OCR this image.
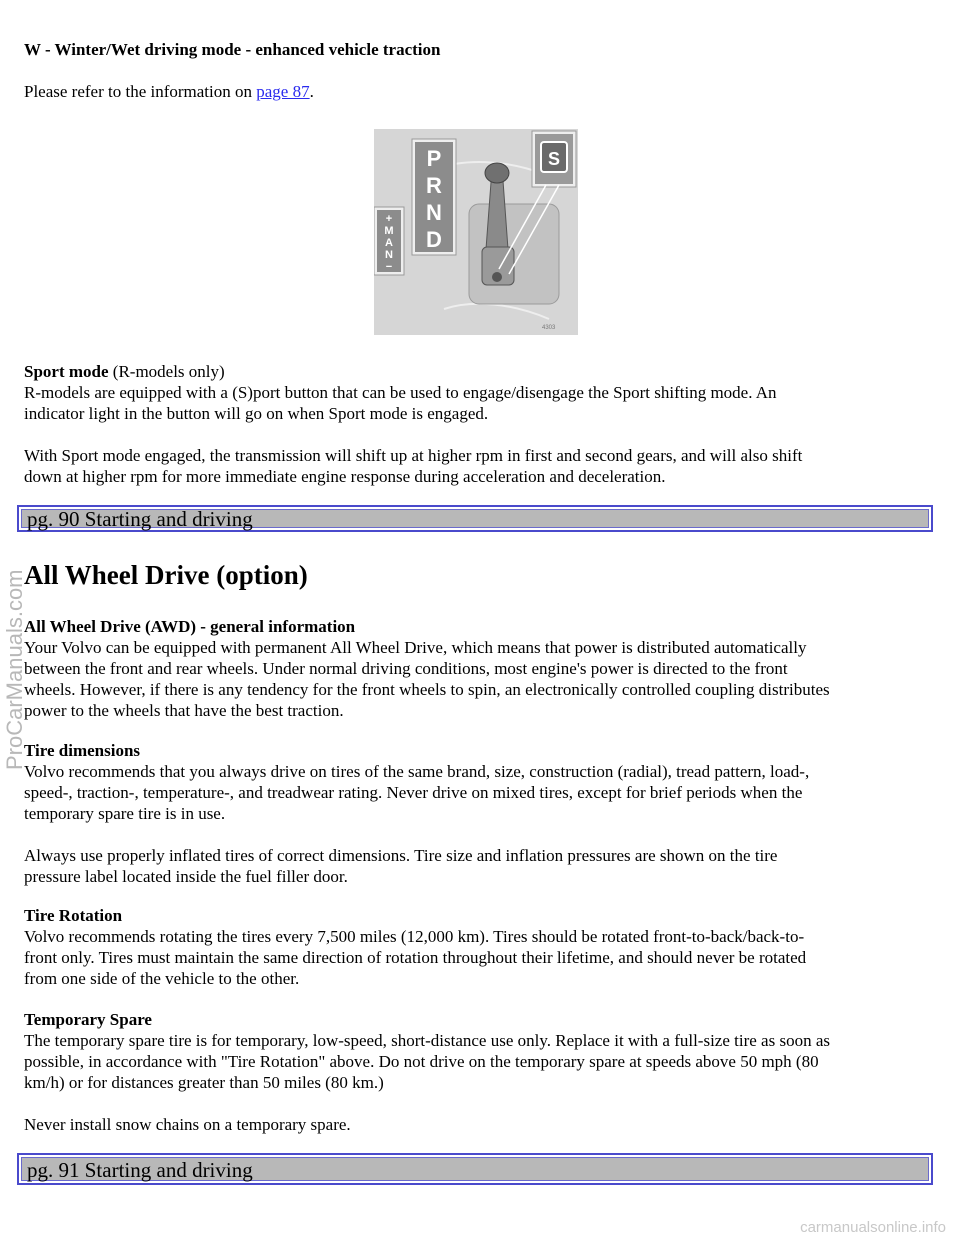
W - Winter/Wet driving mode - enhanced vehicle traction

Please refer to the information on page 87.

P
R
N
D
+
M
A
N
−
S
4303

Sport mode (R-models only)

R-models are equipped with a (S)port button that can be used to engage/disengage the Sport shifting mode. An

indicator light in the button will go on when Sport mode is engaged.

With Sport mode engaged, the transmission will shift up at higher rpm in first and second gears, and will also shift

down at higher rpm for more immediate engine response during acceleration and deceleration.

pg. 90 Starting and driving
All Wheel Drive (option)

All Wheel Drive (AWD) - general information

Your Volvo can be equipped with permanent All Wheel Drive, which means that power is distributed automatically

between the front and rear wheels. Under normal driving conditions, most engine's power is directed to the front

wheels. However, if there is any tendency for the front wheels to spin, an electronically controlled coupling distributes

power to the wheels that have the best traction.

Tire dimensions

Volvo recommends that you always drive on tires of the same brand, size, construction (radial), tread pattern, load-,

speed-, traction-, temperature-, and treadwear rating. Never drive on mixed tires, except for brief periods when the

temporary spare tire is in use.

Always use properly inflated tires of correct dimensions. Tire size and inflation pressures are shown on the tire

pressure label located inside the fuel filler door.

Tire Rotation

Volvo recommends rotating the tires every 7,500 miles (12,000 km). Tires should be rotated front-to-back/back-to-

front only. Tires must maintain the same direction of rotation throughout their lifetime, and should never be rotated

from one side of the vehicle to the other.

Temporary Spare

The temporary spare tire is for temporary, low-speed, short-distance use only. Replace it with a full-size tire as soon as

possible, in accordance with "Tire Rotation" above. Do not drive on the temporary spare at speeds above 50 mph (80

km/h) or for distances greater than 50 miles (80 km.)

Never install snow chains on a temporary spare.

pg. 91 Starting and driving
ProCarManuals.com
carmanualsonline.info
